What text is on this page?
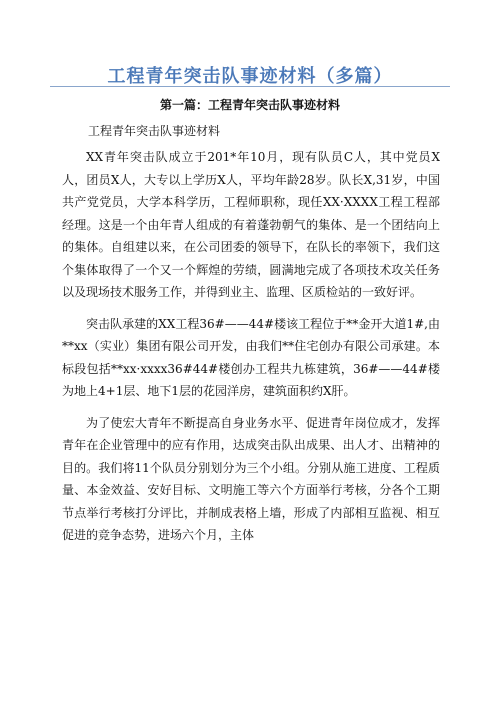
工程青年突击队事迹材料（多篇）
第一篇：工程青年突击队事迹材料
工程青年突击队事迹材料

XX青年突击队成立于201*年10月，现有队员C人，其中党员X人，团员X人，大专以上学历X人，平均年龄28岁。队长X,31岁，中国共产党党员，大学本科学历，工程师职称，现任XX·XXXX工程工程部经理。这是一个由年青人组成的有着蓬勃朝气的集体、是一个团结向上的集体。自组建以来，在公司团委的领导下，在队长的率领下，我们这个集体取得了一个又一个辉煌的劳绩，圆满地完成了各项技术攻关任务以及现场技术服务工作，并得到业主、监理、区质检站的一致好评。

突击队承建的XX工程36#——44#楼该工程位于**金开大道1#,由**xx（实业）集团有限公司开发，由我们**住宅创办有限公司承建。本标段包括**xx·xxxx36#44#楼创办工程共九栋建筑，36#——44#楼为地上4+1层、地下1层的花园洋房，建筑面积约X肝。

为了使宏大青年不断提高自身业务水平、促进青年岗位成才，发挥青年在企业管理中的应有作用，达成突击队出成果、出人才、出精神的目的。我们将11个队员分别划分为三个小组。分别从施工进度、工程质量、本金效益、安好目标、文明施工等六个方面举行考核，分各个工期节点举行考核打分评比，并制成表格上墙，形成了内部相互监视、相互促进的竞争态势，进场六个月，主体
